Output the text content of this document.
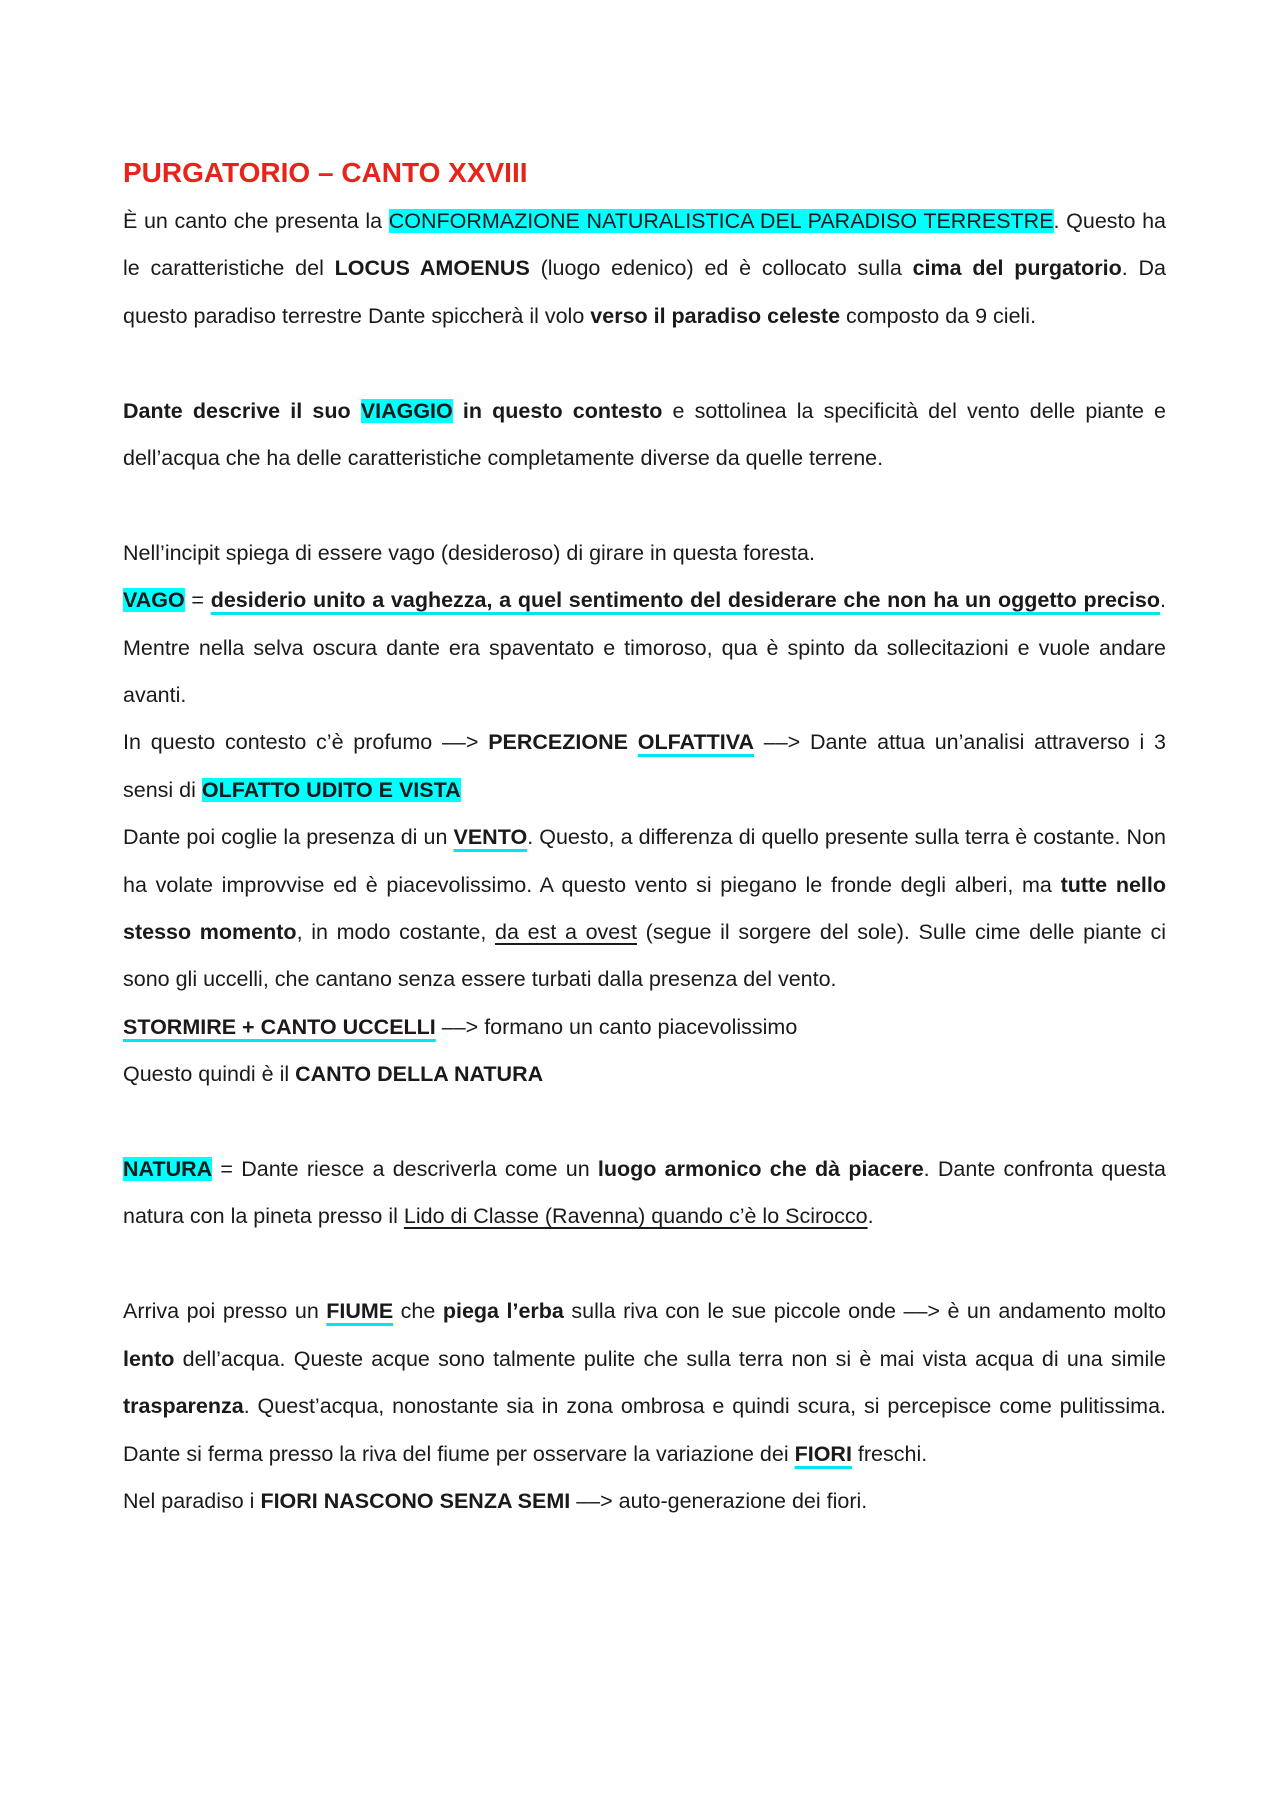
PURGATORIO – CANTO XXVIII

È un canto che presenta la CONFORMAZIONE NATURALISTICA DEL PARADISO TERRESTRE. Questo ha le caratteristiche del LOCUS AMOENUS (luogo edenico) ed è collocato sulla cima del purgatorio. Da questo paradiso terrestre Dante spiccherà il volo verso il paradiso celeste composto da 9 cieli.

Dante descrive il suo VIAGGIO in questo contesto e sottolinea la specificità del vento delle piante e dell’acqua che ha delle caratteristiche completamente diverse da quelle terrene.

Nell’incipit spiega di essere vago (desideroso) di girare in questa foresta.

VAGO = desiderio unito a vaghezza, a quel sentimento del desiderare che non ha un oggetto preciso. Mentre nella selva oscura dante era spaventato e timoroso, qua è spinto da sollecitazioni e vuole andare avanti.

In questo contesto c’è profumo ––> PERCEZIONE OLFATTIVA ––> Dante attua un’analisi attraverso i 3 sensi di OLFATTO UDITO E VISTA

Dante poi coglie la presenza di un VENTO. Questo, a differenza di quello presente sulla terra è costante. Non ha volate improvvise ed è piacevolissimo. A questo vento si piegano le fronde degli alberi, ma tutte nello stesso momento, in modo costante, da est a ovest (segue il sorgere del sole). Sulle cime delle piante ci sono gli uccelli, che cantano senza essere turbati dalla presenza del vento.

STORMIRE + CANTO UCCELLI ––> formano un canto piacevolissimo

Questo quindi è il CANTO DELLA NATURA

NATURA = Dante riesce a descriverla come un luogo armonico che dà piacere. Dante confronta questa natura con la pineta presso il Lido di Classe (Ravenna) quando c’è lo Scirocco.

Arriva poi presso un FIUME che piega l’erba sulla riva con le sue piccole onde ––> è un andamento molto lento dell’acqua. Queste acque sono talmente pulite che sulla terra non si è mai vista acqua di una simile trasparenza. Quest’acqua, nonostante sia in zona ombrosa e quindi scura, si percepisce come pulitissima. Dante si ferma presso la riva del fiume per osservare la variazione dei FIORI freschi.

Nel paradiso i FIORI NASCONO SENZA SEMI ––> auto-generazione dei fiori.
